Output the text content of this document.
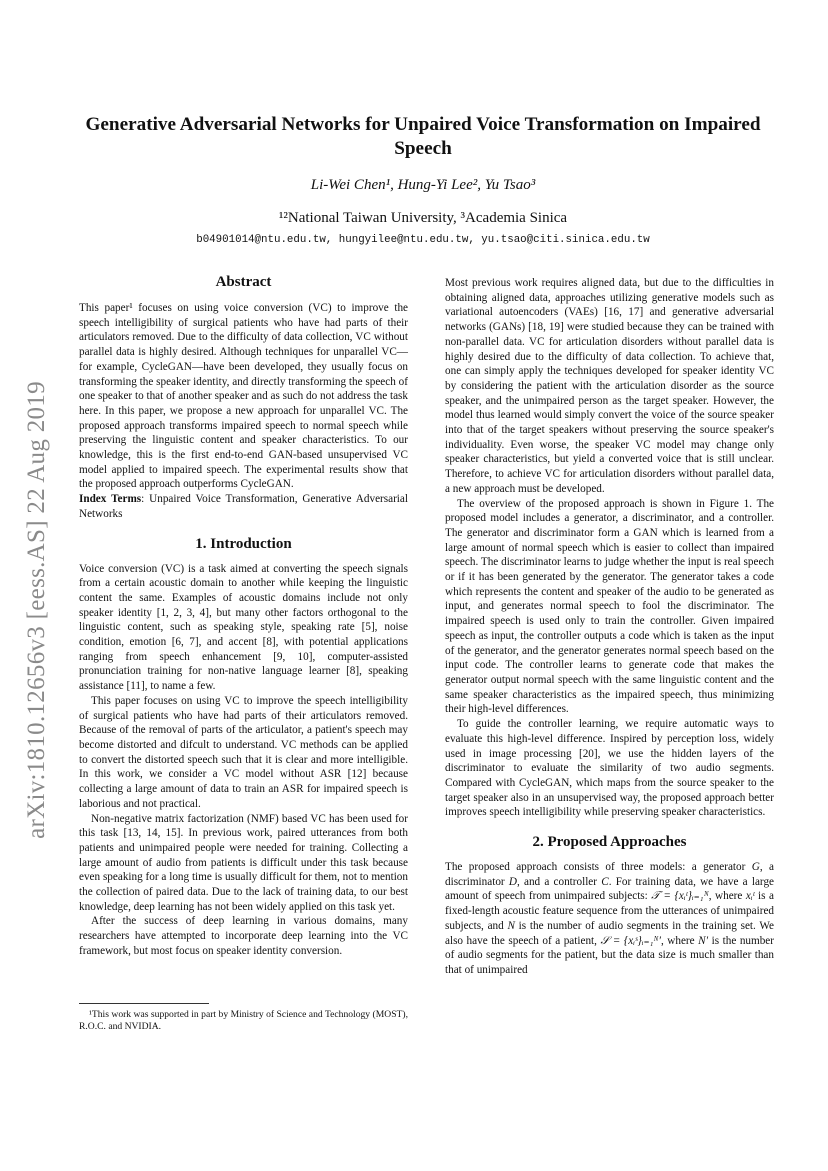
arXiv:1810.12656v3 [eess.AS] 22 Aug 2019
Generative Adversarial Networks for Unpaired Voice Transformation on Impaired Speech
Li-Wei Chen¹, Hung-Yi Lee², Yu Tsao³
¹²National Taiwan University, ³Academia Sinica
b04901014@ntu.edu.tw, hungyilee@ntu.edu.tw, yu.tsao@citi.sinica.edu.tw
Abstract

This paper¹ focuses on using voice conversion (VC) to improve the speech intelligibility of surgical patients who have had parts of their articulators removed. Due to the difficulty of data collection, VC without parallel data is highly desired. Although techniques for unparallel VC—for example, CycleGAN—have been developed, they usually focus on transforming the speaker identity, and directly transforming the speech of one speaker to that of another speaker and as such do not address the task here. In this paper, we propose a new approach for unparallel VC. The proposed approach transforms impaired speech to normal speech while preserving the linguistic content and speaker characteristics. To our knowledge, this is the first end-to-end GAN-based unsupervised VC model applied to impaired speech. The experimental results show that the proposed approach outperforms CycleGAN.

Index Terms: Unpaired Voice Transformation, Generative Adversarial Networks

1. Introduction

Voice conversion (VC) is a task aimed at converting the speech signals from a certain acoustic domain to another while keeping the linguistic content the same. Examples of acoustic domains include not only speaker identity [1, 2, 3, 4], but many other factors orthogonal to the linguistic content, such as speaking style, speaking rate [5], noise condition, emotion [6, 7], and accent [8], with potential applications ranging from speech enhancement [9, 10], computer-assisted pronunciation training for non-native language learner [8], speaking assistance [11], to name a few.

This paper focuses on using VC to improve the speech intelligibility of surgical patients who have had parts of their articulators removed. Because of the removal of parts of the articulator, a patient's speech may become distorted and difcult to understand. VC methods can be applied to convert the distorted speech such that it is clear and more intelligible. In this work, we consider a VC model without ASR [12] because collecting a large amount of data to train an ASR for impaired speech is laborious and not practical.

Non-negative matrix factorization (NMF) based VC has been used for this task [13, 14, 15]. In previous work, paired utterances from both patients and unimpaired people were needed for training. Collecting a large amount of audio from patients is difficult under this task because even speaking for a long time is usually difficult for them, not to mention the collection of paired data. Due to the lack of training data, to our best knowledge, deep learning has not been widely applied on this task yet.

After the success of deep learning in various domains, many researchers have attempted to incorporate deep learning into the VC framework, but most focus on speaker identity conversion.

¹This work was supported in part by Ministry of Science and Technology (MOST), R.O.C. and NVIDIA.

Most previous work requires aligned data, but due to the difficulties in obtaining aligned data, approaches utilizing generative models such as variational autoencoders (VAEs) [16, 17] and generative adversarial networks (GANs) [18, 19] were studied because they can be trained with non-parallel data. VC for articulation disorders without parallel data is highly desired due to the difficulty of data collection. To achieve that, one can simply apply the techniques developed for speaker identity VC by considering the patient with the articulation disorder as the source speaker, and the unimpaired person as the target speaker. However, the model thus learned would simply convert the voice of the source speaker into that of the target speakers without preserving the source speaker's individuality. Even worse, the speaker VC model may change only speaker characteristics, but yield a converted voice that is still unclear. Therefore, to achieve VC for articulation disorders without parallel data, a new approach must be developed.

The overview of the proposed approach is shown in Figure 1. The proposed model includes a generator, a discriminator, and a controller. The generator and discriminator form a GAN which is learned from a large amount of normal speech which is easier to collect than impaired speech. The discriminator learns to judge whether the input is real speech or if it has been generated by the generator. The generator takes a code which represents the content and speaker of the audio to be generated as input, and generates normal speech to fool the discriminator. The impaired speech is used only to train the controller. Given impaired speech as input, the controller outputs a code which is taken as the input of the generator, and the generator generates normal speech based on the input code. The controller learns to generate code that makes the generator output normal speech with the same linguistic content and the same speaker characteristics as the impaired speech, thus minimizing their high-level differences.

To guide the controller learning, we require automatic ways to evaluate this high-level difference. Inspired by perception loss, widely used in image processing [20], we use the hidden layers of the discriminator to evaluate the similarity of two audio segments. Compared with CycleGAN, which maps from the source speaker to the target speaker also in an unsupervised way, the proposed approach better improves speech intelligibility while preserving speaker characteristics.

2. Proposed Approaches

The proposed approach consists of three models: a generator G, a discriminator D, and a controller C. For training data, we have a large amount of speech from unimpaired subjects: 𝒯 = {xᵢᵗ}ᵢ₌₁ᴺ, where xᵢᵗ is a fixed-length acoustic feature sequence from the utterances of unimpaired subjects, and N is the number of audio segments in the training set. We also have the speech of a patient, 𝒮 = {xᵢˢ}ᵢ₌₁ᴺ′, where N′ is the number of audio segments for the patient, but the data size is much smaller than that of unimpaired
